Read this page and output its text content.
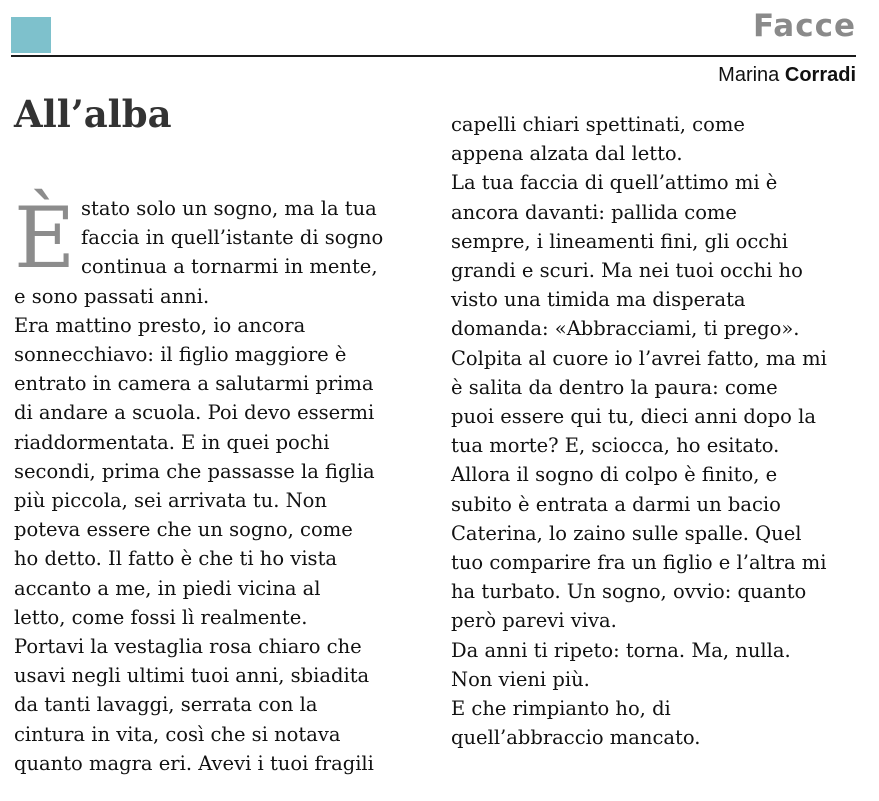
Facce
Marina Corradi
All’alba
È stato solo un sogno, ma la tua
faccia in quell’istante di sogno
continua a tornarmi in mente,
e sono passati anni.
Era mattino presto, io ancora
sonnecchiavo: il figlio maggiore è
entrato in camera a salutarmi prima
di andare a scuola. Poi devo essermi
riaddormentata. E in quei pochi
secondi, prima che passasse la figlia
più piccola, sei arrivata tu. Non
poteva essere che un sogno, come
ho detto. Il fatto è che ti ho vista
accanto a me, in piedi vicina al
letto, come fossi lì realmente.
Portavi la vestaglia rosa chiaro che
usavi negli ultimi tuoi anni, sbiadita
da tanti lavaggi, serrata con la
cintura in vita, così che si notava
quanto magra eri. Avevi i tuoi fragili
capelli chiari spettinati, come
appena alzata dal letto.
La tua faccia di quell’attimo mi è
ancora davanti: pallida come
sempre, i lineamenti fini, gli occhi
grandi e scuri. Ma nei tuoi occhi ho
visto una timida ma disperata
domanda: «Abbracciami, ti prego».
Colpita al cuore io l’avrei fatto, ma mi
è salita da dentro la paura: come
puoi essere qui tu, dieci anni dopo la
tua morte? E, sciocca, ho esitato.
Allora il sogno di colpo è finito, e
subito è entrata a darmi un bacio
Caterina, lo zaino sulle spalle. Quel
tuo comparire fra un figlio e l’altra mi
ha turbato. Un sogno, ovvio: quanto
però parevi viva.
Da anni ti ripeto: torna. Ma, nulla.
Non vieni più.
E che rimpianto ho, di
quell’abbraccio mancato.
